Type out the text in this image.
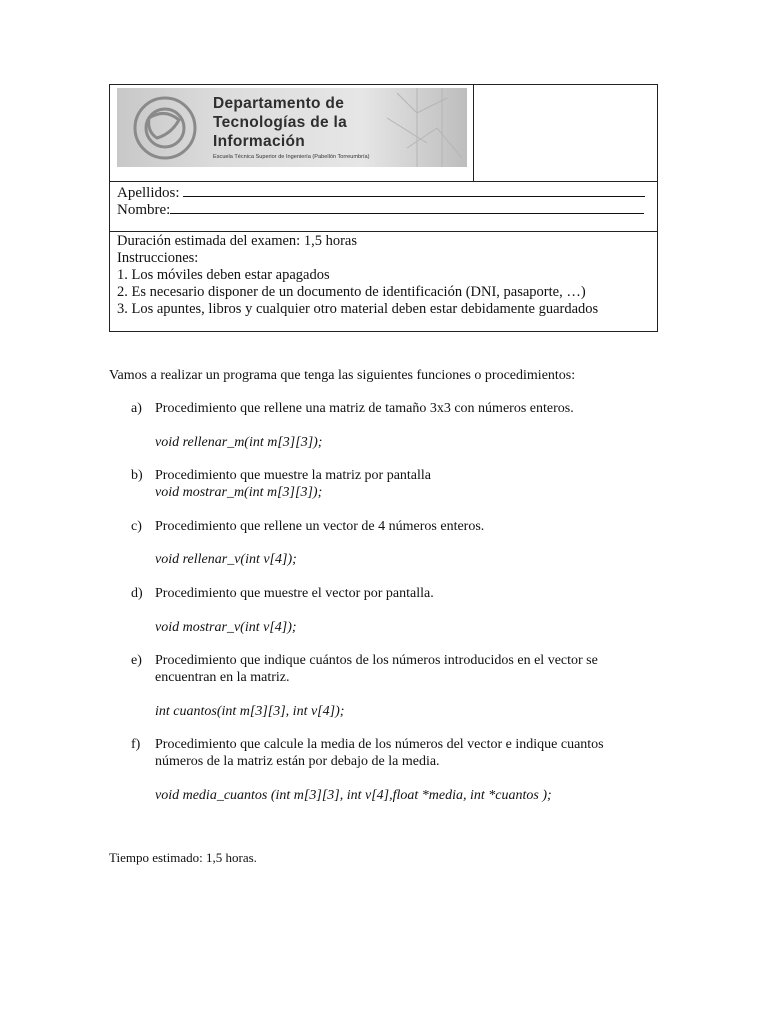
Departamento de
Tecnologías de la
Información
Escuela Técnica Superior de Ingeniería (Pabellón Torreumbría)
Apellidos:
Nombre:
Duración estimada del examen: 1,5 horas
Instrucciones:
1. Los móviles deben estar apagados
2. Es necesario disponer de un documento de identificación (DNI, pasaporte, …)
3. Los apuntes, libros y cualquier otro material deben estar debidamente guardados
Vamos a realizar un programa que tenga las siguientes funciones o procedimientos:
a) Procedimiento que rellene una matriz de tamaño 3x3 con números enteros.
void rellenar_m(int m[3][3]);
b) Procedimiento que muestre la matriz por pantalla
void mostrar_m(int m[3][3]);
c) Procedimiento que rellene un vector de 4 números enteros.
void rellenar_v(int v[4]);
d) Procedimiento que muestre el vector por pantalla.
void mostrar_v(int v[4]);
e) Procedimiento que indique cuántos de los números introducidos en el vector se
encuentran en la matriz.
int cuantos(int m[3][3], int v[4]);
f) Procedimiento que calcule la media de los números del vector e indique cuantos
números de la matriz están por debajo de la media.
void media_cuantos (int m[3][3], int v[4],float *media, int *cuantos );
Tiempo estimado: 1,5 horas.
